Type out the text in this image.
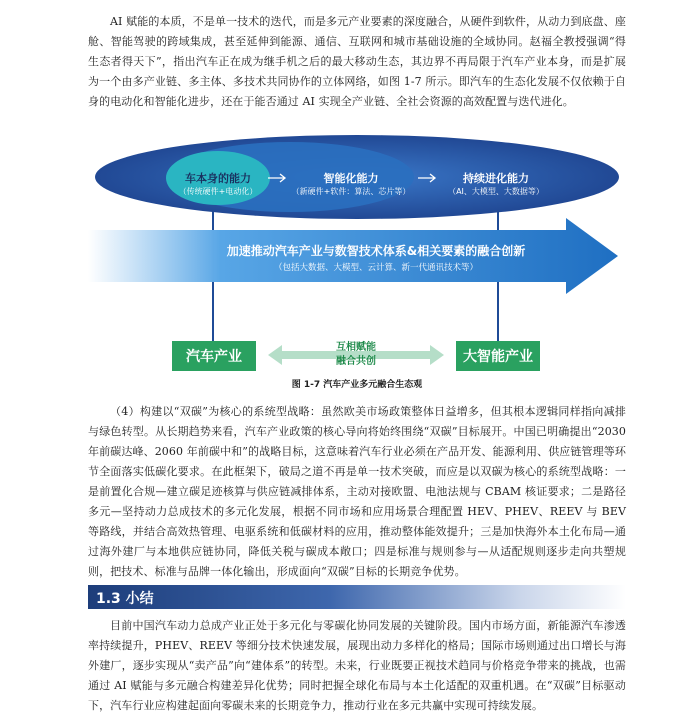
AI 赋能的本质，不是单一技术的迭代，而是多元产业要素的深度融合，从硬件到软件，从动力到底盘、座舱、智能驾驶的跨域集成，甚至延伸到能源、通信、互联网和城市基础设施的全域协同。赵福全教授强调“得生态者得天下”，指出汽车正在成为继手机之后的最大移动生态，其边界不再局限于汽车产业本身，而是扩展为一个由多产业链、多主体、多技术共同协作的立体网络，如图 1-7 所示。即汽车的生态化发展不仅依赖于自身的电动化和智能化进步，还在于能否通过 AI 实现全产业链、全社会资源的高效配置与迭代进化。

车本身的能力
（传统硬件+电动化）
智能化能力
（新硬件+软件：算法、芯片等）
持续进化能力
（AI、大模型、大数据等）
加速推动汽车产业与数智技术体系&相关要素的融合创新
（包括大数据、大模型、云计算、新一代通讯技术等）
汽车产业	大智能产业
互相赋能
融合共创
图 1-7 汽车产业多元融合生态观

（4）构建以“双碳”为核心的系统型战略：虽然欧美市场政策整体日益增多，但其根本逻辑同样指向减排与绿色转型。从长期趋势来看，汽车产业政策的核心导向将始终围绕“双碳”目标展开。中国已明确提出“2030 年前碳达峰、2060 年前碳中和”的战略目标，这意味着汽车行业必须在产品开发、能源利用、供应链管理等环节全面落实低碳化要求。在此框架下，破局之道不再是单一技术突破，而应是以双碳为核心的系统型战略：一是前置化合规—建立碳足迹核算与供应链减排体系，主动对接欧盟、电池法规与 CBAM 核证要求；二是路径多元—坚持动力总成技术的多元化发展，根据不同市场和应用场景合理配置 HEV、PHEV、REEV 与 BEV 等路线，并结合高效热管理、电驱系统和低碳材料的应用，推动整体能效提升；三是加快海外本土化布局—通过海外建厂与本地供应链协同，降低关税与碳成本敞口；四是标准与规则参与—从适配规则逐步走向共塑规则，把技术、标准与品牌一体化输出，形成面向“双碳”目标的长期竞争优势。

1.3 小结

目前中国汽车动力总成产业正处于多元化与零碳化协同发展的关键阶段。国内市场方面，新能源汽车渗透率持续提升，PHEV、REEV 等细分技术快速发展，展现出动力多样化的格局；国际市场则通过出口增长与海外建厂，逐步实现从“卖产品”向“建体系”的转型。未来，行业既要正视技术趋同与价格竞争带来的挑战，也需通过 AI 赋能与多元融合构建差异化优势；同时把握全球化布局与本土化适配的双重机遇。在“双碳”目标驱动下，汽车行业应构建起面向零碳未来的长期竞争力，推动行业在多元共赢中实现可持续发展。
